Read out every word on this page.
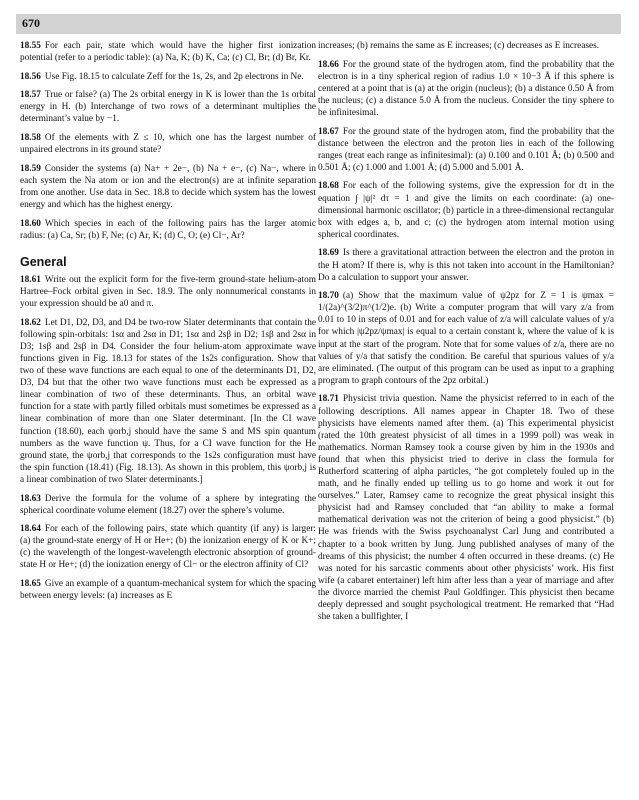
670

18.55 For each pair, state which would have the higher first ionization potential (refer to a periodic table): (a) Na, K; (b) K, Ca; (c) Cl, Br; (d) Br, Kr.

18.56 Use Fig. 18.15 to calculate Zeff for the 1s, 2s, and 2p electrons in Ne.

18.57 True or false? (a) The 2s orbital energy in K is lower than the 1s orbital energy in H. (b) Interchange of two rows of a determinant multiplies the determinant’s value by −1.

18.58 Of the elements with Z ≤ 10, which one has the largest number of unpaired electrons in its ground state?

18.59 Consider the systems (a) Na+ + 2e−, (b) Na + e−, (c) Na−, where in each system the Na atom or ion and the electron(s) are at infinite separation from one another. Use data in Sec. 18.8 to decide which system has the lowest energy and which has the highest energy.

18.60 Which species in each of the following pairs has the larger atomic radius: (a) Ca, Sr; (b) F, Ne; (c) Ar, K; (d) C, O; (e) Cl−, Ar?

General

18.61 Write out the explicit form for the five-term ground-state helium-atom Hartree–Fock orbital given in Sec. 18.9. The only nonnumerical constants in your expression should be a0 and π.

18.62 Let D1, D2, D3, and D4 be two-row Slater determinants that contain the following spin-orbitals: 1sα and 2sα in D1; 1sα and 2sβ in D2; 1sβ and 2sα in D3; 1sβ and 2sβ in D4. Consider the four helium-atom approximate wave functions given in Fig. 18.13 for states of the 1s2s configuration. Show that two of these wave functions are each equal to one of the determinants D1, D2, D3, D4 but that the other two wave functions must each be expressed as a linear combination of two of these determinants. Thus, an orbital wave function for a state with partly filled orbitals must sometimes be expressed as a linear combination of more than one Slater determinant. [In the CI wave function (18.60), each ψorb,j should have the same S and MS spin quantum numbers as the wave function ψ. Thus, for a CI wave function for the He ground state, the ψorb,j that corresponds to the 1s2s configuration must have the spin function (18.41) (Fig. 18.13). As shown in this problem, this ψorb,j is a linear combination of two Slater determinants.]

18.63 Derive the formula for the volume of a sphere by integrating the spherical coordinate volume element (18.27) over the sphere’s volume.

18.64 For each of the following pairs, state which quantity (if any) is larger: (a) the ground-state energy of H or He+; (b) the ionization energy of K or K+; (c) the wavelength of the longest-wavelength electronic absorption of ground-state H or He+; (d) the ionization energy of Cl− or the electron affinity of Cl?

18.65 Give an example of a quantum-mechanical system for which the spacing between energy levels: (a) increases as E

increases; (b) remains the same as E increases; (c) decreases as E increases.

18.66 For the ground state of the hydrogen atom, find the probability that the electron is in a tiny spherical region of radius 1.0 × 10−3 Å if this sphere is centered at a point that is (a) at the origin (nucleus); (b) a distance 0.50 Å from the nucleus; (c) a distance 5.0 Å from the nucleus. Consider the tiny sphere to be infinitesimal.

18.67 For the ground state of the hydrogen atom, find the probability that the distance between the electron and the proton lies in each of the following ranges (treat each range as infinitesimal): (a) 0.100 and 0.101 Å; (b) 0.500 and 0.501 Å; (c) 1.000 and 1.001 Å; (d) 5.000 and 5.001 Å.

18.68 For each of the following systems, give the expression for dτ in the equation ∫ |ψ|² dτ = 1 and give the limits on each coordinate: (a) one-dimensional harmonic oscillator; (b) particle in a three-dimensional rectangular box with edges a, b, and c; (c) the hydrogen atom internal motion using spherical coordinates.

18.69 Is there a gravitational attraction between the electron and the proton in the H atom? If there is, why is this not taken into account in the Hamiltonian? Do a calculation to support your answer.

18.70 (a) Show that the maximum value of ψ2pz for Z = 1 is ψmax = 1/(2a)^(3/2)π^(1/2)e. (b) Write a computer program that will vary z/a from 0.01 to 10 in steps of 0.01 and for each value of z/a will calculate values of y/a for which |ψ2pz/ψmax| is equal to a certain constant k, where the value of k is input at the start of the program. Note that for some values of z/a, there are no values of y/a that satisfy the condition. Be careful that spurious values of y/a are eliminated. (The output of this program can be used as input to a graphing program to graph contours of the 2pz orbital.)

18.71 Physicist trivia question. Name the physicist referred to in each of the following descriptions. All names appear in Chapter 18. Two of these physicists have elements named after them. (a) This experimental physicist (rated the 10th greatest physicist of all times in a 1999 poll) was weak in mathematics. Norman Ramsey took a course given by him in the 1930s and found that when this physicist tried to derive in class the formula for Rutherford scattering of alpha particles, “he got completely fouled up in the math, and he finally ended up telling us to go home and work it out for ourselves.” Later, Ramsey came to recognize the great physical insight this physicist had and Ramsey concluded that “an ability to make a formal mathematical derivation was not the criterion of being a good physicist.” (b) He was friends with the Swiss psychoanalyst Carl Jung and contributed a chapter to a book written by Jung. Jung published analyses of many of the dreams of this physicist; the number 4 often occurred in these dreams. (c) He was noted for his sarcastic comments about other physicists’ work. His first wife (a cabaret entertainer) left him after less than a year of marriage and after the divorce married the chemist Paul Goldfinger. This physicist then became deeply depressed and sought psychological treatment. He remarked that “Had she taken a bullfighter, I
